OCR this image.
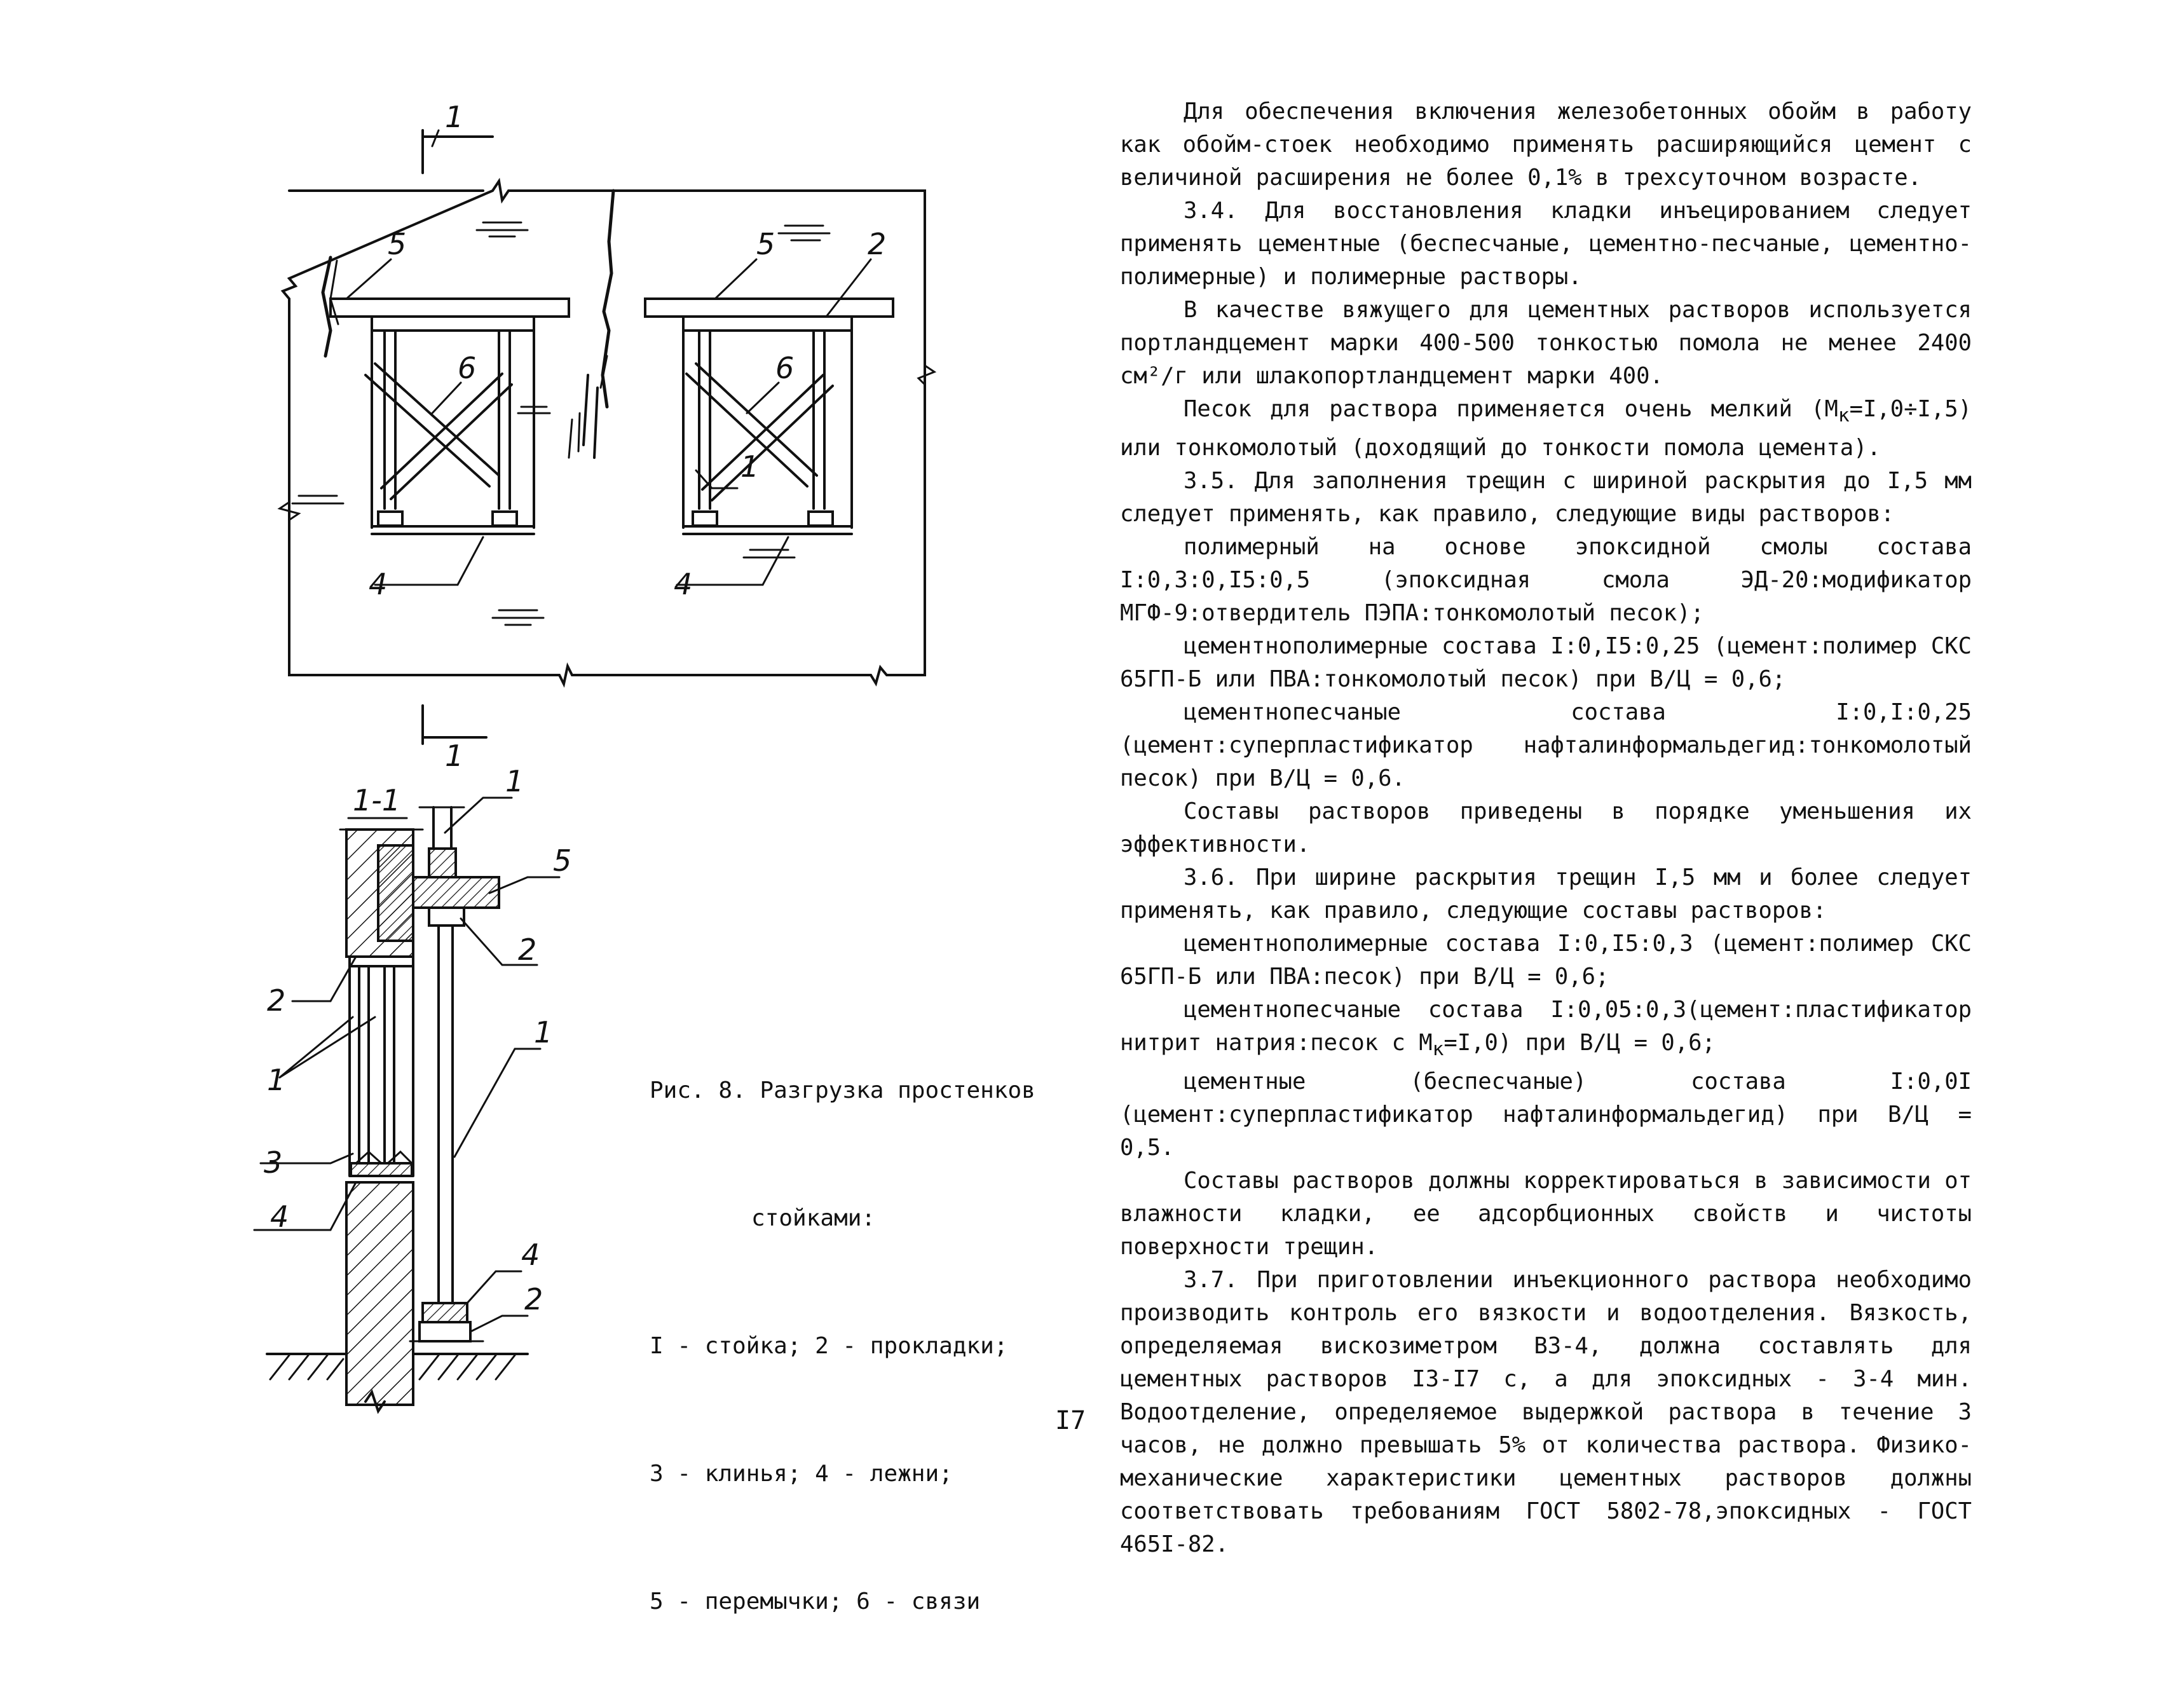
1
1
5	5	2
6	6
1
4	4
1-1
1
5
2
2
1
1
3
4
4
2

Рис. 8. Разгрузка простенков

стойками:

I - стойка; 2 - прокладки;

3 - клинья; 4 - лежни;

5 - перемычки; 6 - связи

Для обеспечения включения железобетонных обойм в работу как обойм-стоек необходимо применять расширяющийся цемент с величиной расширения не более 0,1% в трехсуточном возрасте.

3.4. Для восстановления кладки инъецированием следует применять цементные (беспесчаные, цементно-песчаные, цементно-полимерные) и полимерные растворы.

В качестве вяжущего для цементных растворов используется портландцемент марки 400-500 тонкостью помола не менее 2400 см²/г или шлакопортландцемент марки 400.

Песок для раствора применяется очень мелкий $(М_к=I,0\div I,5)$ или тонкомолотый (доходящий до тонкости помола цемента).

3.5. Для заполнения трещин с шириной раскрытия до I,5 мм следует применять, как правило, следующие виды растворов:

полимерный на основе эпоксидной смолы состава I:0,3:0,I5:0,5 (эпоксидная смола ЭД-20:модификатор МГФ-9:отвердитель ПЭПА:тонкомолотый песок);

цементнополимерные состава I:0,I5:0,25 (цемент:полимер СКС 65ГП-Б или ПВА:тонкомолотый песок) при В/Ц = 0,6;

цементнопесчаные состава I:0,I:0,25 (цемент:суперпластификатор нафталинформальдегид:тонкомолотый песок) при В/Ц = 0,6.

Составы растворов приведены в порядке уменьшения их эффективности.

3.6. При ширине раскрытия трещин I,5 мм и более следует применять, как правило, следующие составы растворов:

цементнополимерные состава I:0,I5:0,3 (цемент:полимер СКС 65ГП-Б или ПВА:песок) при В/Ц = 0,6;

цементнопесчаные состава I:0,05:0,3(цемент:пластификатор нитрит натрия:песок с $М_к=I,0$) при В/Ц = 0,6;

цементные (беспесчаные) состава I:0,0I (цемент:суперпластификатор нафталинформальдегид) при В/Ц = 0,5.

Составы растворов должны корректироваться в зависимости от влажности кладки, ее адсорбционных свойств и чистоты поверхности трещин.

3.7. При приготовлении инъекционного раствора необходимо производить контроль его вязкости и водоотделения. Вязкость, определяемая вискозиметром ВЗ-4, должна составлять для цементных растворов I3-I7 с, а для эпоксидных - 3-4 мин. Водоотделение, определяемое выдержкой раствора в течение 3 часов, не должно превышать 5% от количества раствора. Физико-механические характеристики цементных растворов должны соответствовать требованиям ГОСТ 5802-78,эпоксидных - ГОСТ 465I-82.

I7
